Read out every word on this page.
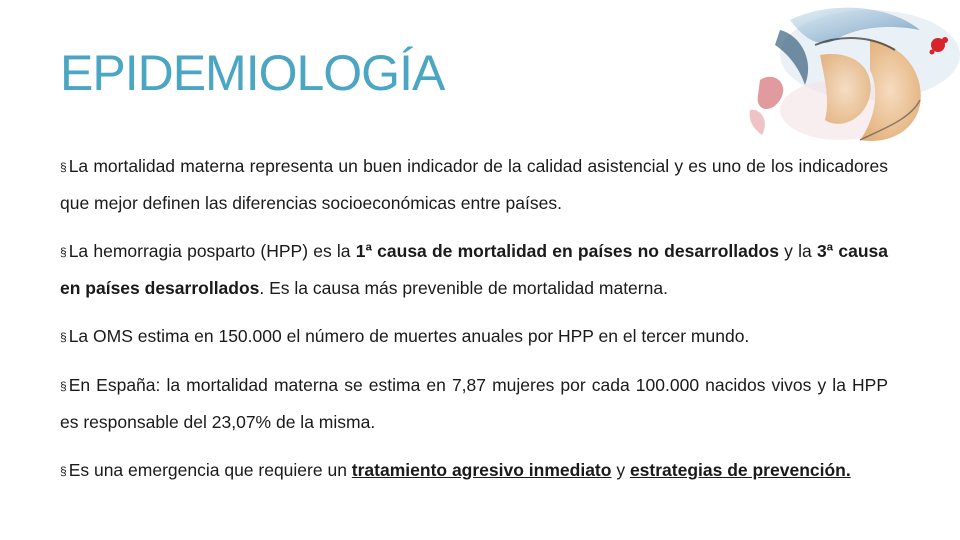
EPIDEMIOLOGÍA
§ La mortalidad materna representa un buen indicador de la calidad asistencial y es uno de los indicadores que mejor definen las diferencias socioeconómicas entre países.
§ La hemorragia posparto (HPP) es la 1ª causa de mortalidad en países no desarrollados y la 3ª causa en países desarrollados. Es la causa más prevenible de mortalidad materna.
§ La OMS estima en 150.000 el número de muertes anuales por HPP en el tercer mundo.
§ En España: la mortalidad materna se estima en 7,87 mujeres por cada 100.000 nacidos vivos y la HPP es responsable del 23,07% de la misma.
§ Es una emergencia que requiere un tratamiento agresivo inmediato y estrategias de prevención.
